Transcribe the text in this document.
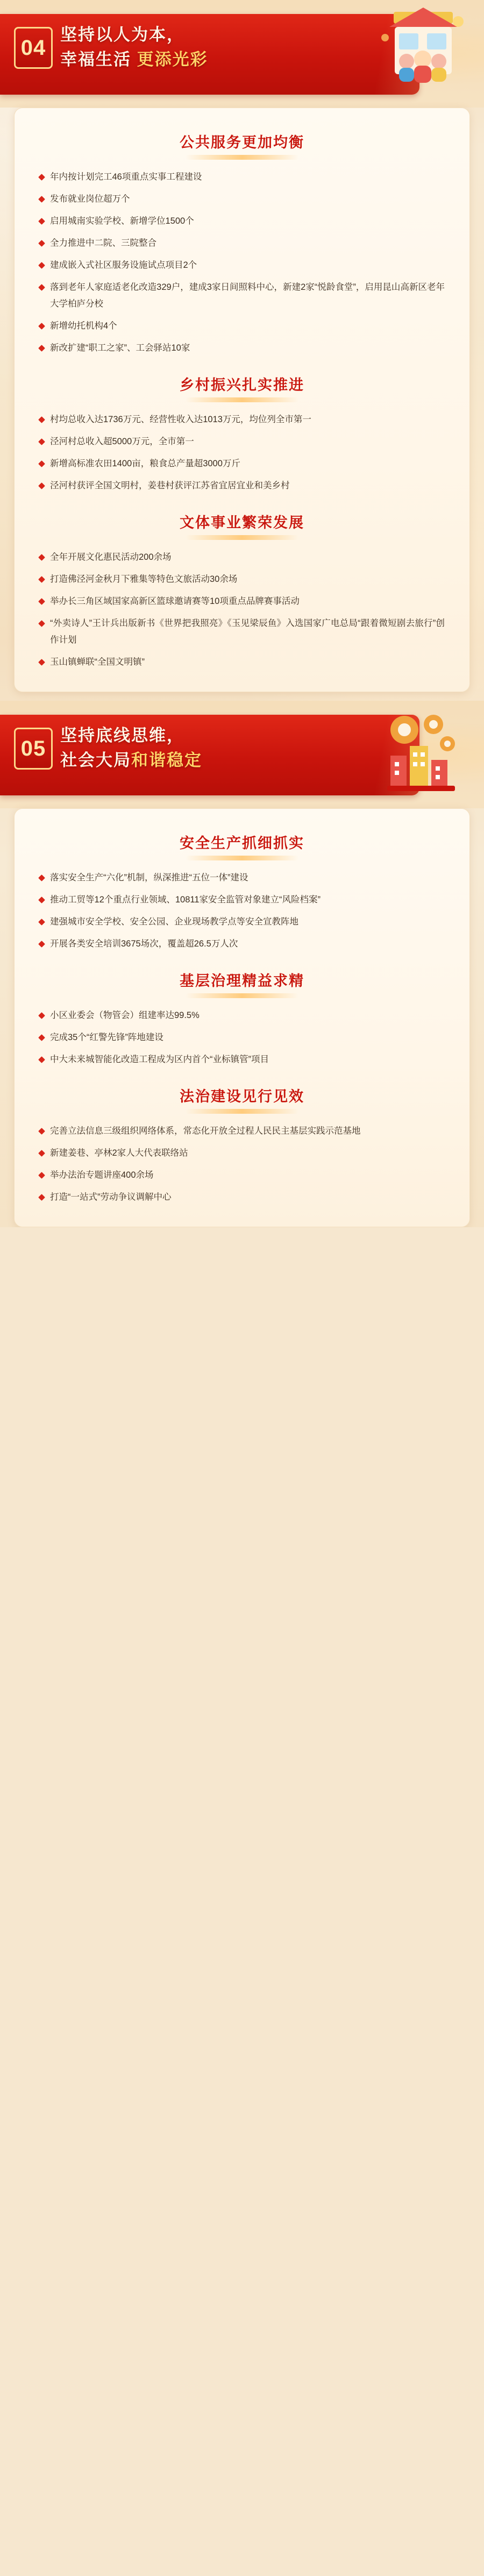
04
坚持以人为本，
幸福生活 更添光彩
公共服务更加均衡
年内按计划完工46项重点实事工程建设
发布就业岗位超万个
启用城南实验学校、新增学位1500个
全力推进中二院、三院整合
建成嵌入式社区服务设施试点项目2个
落到老年人家庭适老化改造329户，建成3家日间照料中心，新建2家“悦龄食堂”，启用昆山高新区老年大学柏庐分校
新增幼托机构4个
新改扩建“职工之家”、工会驿站10家
乡村振兴扎实推进
村均总收入达1736万元、经营性收入达1013万元，均位列全市第一
泾河村总收入超5000万元，全市第一
新增高标准农田1400亩，粮食总产量超3000万斤
泾河村获评全国文明村，姜巷村获评江苏省宜居宜业和美乡村
文体事业繁荣发展
全年开展文化惠民活动200余场
打造佛泾河金秋月下雅集等特色文旅活动30余场
举办长三角区域国家高新区篮球邀请赛等10项重点品牌赛事活动
“外卖诗人”王计兵出版新书《世界把我照亮》《玉见梁辰鱼》入选国家广电总局“跟着微短剧去旅行”创作计划
玉山镇蝉联“全国文明镇”
05
坚持底线思维，
社会大局和谐稳定
安全生产抓细抓实
落实安全生产“六化”机制，纵深推进“五位一体”建设
推动工贸等12个重点行业领域、10811家安全监管对象建立“风险档案”
建强城市安全学校、安全公园、企业现场教学点等安全宣教阵地
开展各类安全培训3675场次，覆盖超26.5万人次
基层治理精益求精
小区业委会（物管会）组建率达99.5%
完成35个“红警先锋”阵地建设
中大未来城智能化改造工程成为区内首个“业标镇管”项目
法治建设见行见效
完善立法信息三级组织网络体系，常态化开放全过程人民民主基层实践示范基地
新建姜巷、亭林2家人大代表联络站
举办法治专题讲座400余场
打造“一站式”劳动争议调解中心
